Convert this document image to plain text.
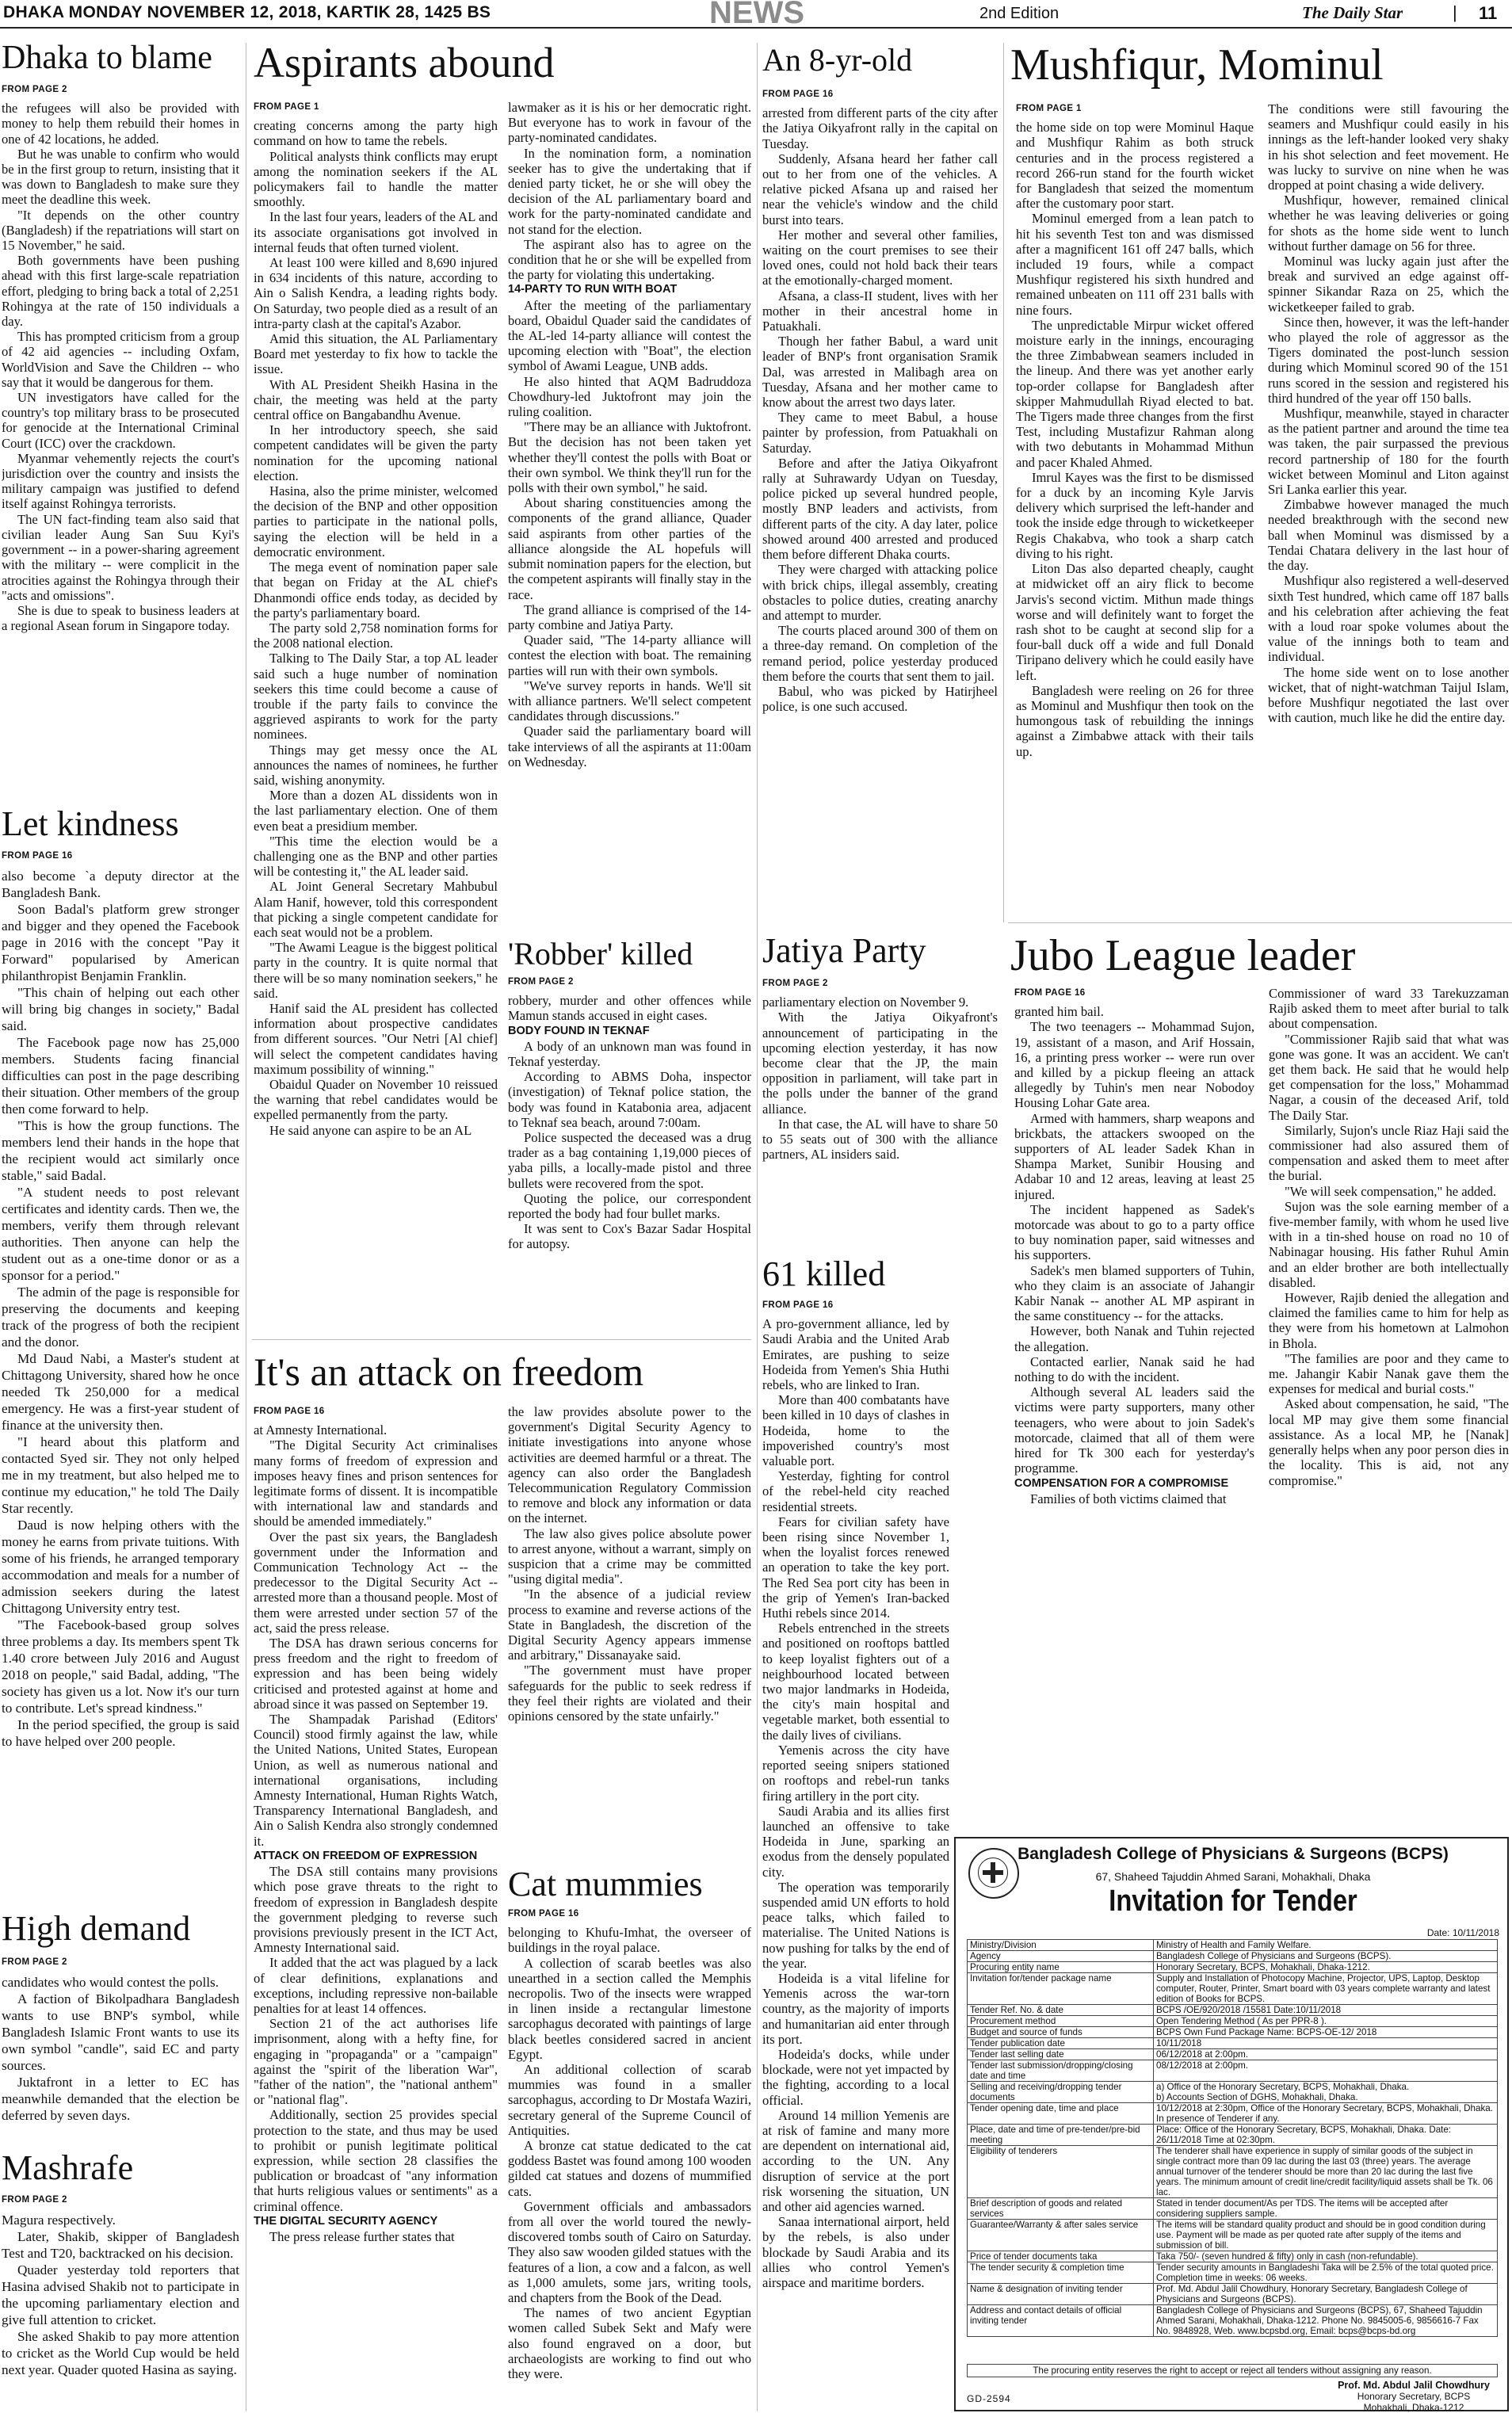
DHAKA MONDAY NOVEMBER 12, 2018, KARTIK 28, 1425 BS	NEWS	2nd Edition	The Daily Star	| 11
Dhaka to blame
FROM PAGE 2

the refugees will also be provided with money to help them rebuild their homes in one of 42 locations, he added.

But he was unable to confirm who would be in the first group to return, insisting that it was down to Bangladesh to make sure they meet the deadline this week.

"It depends on the other country (Bangladesh) if the repatriations will start on 15 November," he said.

Both governments have been pushing ahead with this first large-scale repatriation effort, pledging to bring back a total of 2,251 Rohingya at the rate of 150 individuals a day.

This has prompted criticism from a group of 42 aid agencies -- including Oxfam, WorldVision and Save the Children -- who say that it would be dangerous for them.

UN investigators have called for the country's top military brass to be prosecuted for genocide at the International Criminal Court (ICC) over the crackdown.

Myanmar vehemently rejects the court's jurisdiction over the country and insists the military campaign was justified to defend itself against Rohingya terrorists.

The UN fact-finding team also said that civilian leader Aung San Suu Kyi's government -- in a power-sharing agreement with the military -- were complicit in the atrocities against the Rohingya through their "acts and omissions".

She is due to speak to business leaders at a regional Asean forum in Singapore today.

Let kindness
FROM PAGE 16

also become `a deputy director at the Bangladesh Bank.

Soon Badal's platform grew stronger and bigger and they opened the Facebook page in 2016 with the concept "Pay it Forward" popularised by American philanthropist Benjamin Franklin.

"This chain of helping out each other will bring big changes in society," Badal said.

The Facebook page now has 25,000 members. Students facing financial difficulties can post in the page describing their situation. Other members of the group then come forward to help.

"This is how the group functions. The members lend their hands in the hope that the recipient would act similarly once stable," said Badal.

"A student needs to post relevant certificates and identity cards. Then we, the members, verify them through relevant authorities. Then anyone can help the student out as a one-time donor or as a sponsor for a period."

The admin of the page is responsible for preserving the documents and keeping track of the progress of both the recipient and the donor.

Md Daud Nabi, a Master's student at Chittagong University, shared how he once needed Tk 250,000 for a medical emergency. He was a first-year student of finance at the university then.

"I heard about this platform and contacted Syed sir. They not only helped me in my treatment, but also helped me to continue my education," he told The Daily Star recently.

Daud is now helping others with the money he earns from private tuitions. With some of his friends, he arranged temporary accommodation and meals for a number of admission seekers during the latest Chittagong University entry test.

"The Facebook-based group solves three problems a day. Its members spent Tk 1.40 crore between July 2016 and August 2018 on people," said Badal, adding, "The society has given us a lot. Now it's our turn to contribute. Let's spread kindness."

In the period specified, the group is said to have helped over 200 people.

High demand
FROM PAGE 2

candidates who would contest the polls.

A faction of Bikolpadhara Bangladesh wants to use BNP's symbol, while Bangladesh Islamic Front wants to use its own symbol "candle", said EC and party sources.

Juktafront in a letter to EC has meanwhile demanded that the election be deferred by seven days.

Mashrafe
FROM PAGE 2

Magura respectively.

Later, Shakib, skipper of Bangladesh Test and T20, backtracked on his decision.

Quader yesterday told reporters that Hasina advised Shakib not to participate in the upcoming parliamentary election and give full attention to cricket.

She asked Shakib to pay more attention to cricket as the World Cup would be held next year. Quader quoted Hasina as saying.

Aspirants abound
FROM PAGE 1

creating concerns among the party high command on how to tame the rebels.

Political analysts think conflicts may erupt among the nomination seekers if the AL policymakers fail to handle the matter smoothly.

In the last four years, leaders of the AL and its associate organisations got involved in internal feuds that often turned violent.

At least 100 were killed and 8,690 injured in 634 incidents of this nature, according to Ain o Salish Kendra, a leading rights body. On Saturday, two people died as a result of an intra-party clash at the capital's Azabor.

Amid this situation, the AL Parliamentary Board met yesterday to fix how to tackle the issue.

With AL President Sheikh Hasina in the chair, the meeting was held at the party central office on Bangabandhu Avenue.

In her introductory speech, she said competent candidates will be given the party nomination for the upcoming national election.

Hasina, also the prime minister, welcomed the decision of the BNP and other opposition parties to participate in the national polls, saying the election will be held in a democratic environment.

The mega event of nomination paper sale that began on Friday at the AL chief's Dhanmondi office ends today, as decided by the party's parliamentary board.

The party sold 2,758 nomination forms for the 2008 national election.

Talking to The Daily Star, a top AL leader said such a huge number of nomination seekers this time could become a cause of trouble if the party fails to convince the aggrieved aspirants to work for the party nominees.

Things may get messy once the AL announces the names of nominees, he further said, wishing anonymity.

More than a dozen AL dissidents won in the last parliamentary election. One of them even beat a presidium member.

"This time the election would be a challenging one as the BNP and other parties will be contesting it," the AL leader said.

AL Joint General Secretary Mahbubul Alam Hanif, however, told this correspondent that picking a single competent candidate for each seat would not be a problem.

"The Awami League is the biggest political party in the country. It is quite normal that there will be so many nomination seekers," he said.

Hanif said the AL president has collected information about prospective candidates from different sources. "Our Netri [Al chief] will select the competent candidates having maximum possibility of winning."

Obaidul Quader on November 10 reissued the warning that rebel candidates would be expelled permanently from the party.

He said anyone can aspire to be an AL

lawmaker as it is his or her democratic right. But everyone has to work in favour of the party-nominated candidates.

In the nomination form, a nomination seeker has to give the undertaking that if denied party ticket, he or she will obey the decision of the AL parliamentary board and work for the party-nominated candidate and not stand for the election.

The aspirant also has to agree on the condition that he or she will be expelled from the party for violating this undertaking.

14-PARTY TO RUN WITH BOAT

After the meeting of the parliamentary board, Obaidul Quader said the candidates of the AL-led 14-party alliance will contest the upcoming election with "Boat", the election symbol of Awami League, UNB adds.

He also hinted that AQM Badruddoza Chowdhury-led Juktofront may join the ruling coalition.

"There may be an alliance with Juktofront. But the decision has not been taken yet whether they'll contest the polls with Boat or their own symbol. We think they'll run for the polls with their own symbol," he said.

About sharing constituencies among the components of the grand alliance, Quader said aspirants from other parties of the alliance alongside the AL hopefuls will submit nomination papers for the election, but the competent aspirants will finally stay in the race.

The grand alliance is comprised of the 14-party combine and Jatiya Party.

Quader said, "The 14-party alliance will contest the election with boat. The remaining parties will run with their own symbols.

"We've survey reports in hands. We'll sit with alliance partners. We'll select competent candidates through discussions."

Quader said the parliamentary board will take interviews of all the aspirants at 11:00am on Wednesday.

'Robber' killed
FROM PAGE 2

robbery, murder and other offences while Mamun stands accused in eight cases.

BODY FOUND IN TEKNAF

A body of an unknown man was found in Teknaf yesterday.

According to ABMS Doha, inspector (investigation) of Teknaf police station, the body was found in Katabonia area, adjacent to Teknaf sea beach, around 7:00am.

Police suspected the deceased was a drug trader as a bag containing 1,19,000 pieces of yaba pills, a locally-made pistol and three bullets were recovered from the spot.

Quoting the police, our correspondent reported the body had four bullet marks.

It was sent to Cox's Bazar Sadar Hospital for autopsy.

It's an attack on freedom
FROM PAGE 16

at Amnesty International.

"The Digital Security Act criminalises many forms of freedom of expression and imposes heavy fines and prison sentences for legitimate forms of dissent. It is incompatible with international law and standards and should be amended immediately."

Over the past six years, the Bangladesh government under the Information and Communication Technology Act -- the predecessor to the Digital Security Act -- arrested more than a thousand people. Most of them were arrested under section 57 of the act, said the press release.

The DSA has drawn serious concerns for press freedom and the right to freedom of expression and has been being widely criticised and protested against at home and abroad since it was passed on September 19.

The Shampadak Parishad (Editors' Council) stood firmly against the law, while the United Nations, United States, European Union, as well as numerous national and international organisations, including Amnesty International, Human Rights Watch, Transparency International Bangladesh, and Ain o Salish Kendra also strongly condemned it.

ATTACK ON FREEDOM OF EXPRESSION

The DSA still contains many provisions which pose grave threats to the right to freedom of expression in Bangladesh despite the government pledging to reverse such provisions previously present in the ICT Act, Amnesty International said.

It added that the act was plagued by a lack of clear definitions, explanations and exceptions, including repressive non-bailable penalties for at least 14 offences.

Section 21 of the act authorises life imprisonment, along with a hefty fine, for engaging in "propaganda" or a "campaign" against the "spirit of the liberation War", "father of the nation", the "national anthem" or "national flag".

Additionally, section 25 provides special protection to the state, and thus may be used to prohibit or punish legitimate political expression, while section 28 classifies the publication or broadcast of "any information that hurts religious values or sentiments" as a criminal offence.

THE DIGITAL SECURITY AGENCY

The press release further states that

the law provides absolute power to the government's Digital Security Agency to initiate investigations into anyone whose activities are deemed harmful or a threat. The agency can also order the Bangladesh Telecommunication Regulatory Commission to remove and block any information or data on the internet.

The law also gives police absolute power to arrest anyone, without a warrant, simply on suspicion that a crime may be committed "using digital media".

"In the absence of a judicial review process to examine and reverse actions of the State in Bangladesh, the discretion of the Digital Security Agency appears immense and arbitrary," Dissanayake said.

"The government must have proper safeguards for the public to seek redress if they feel their rights are violated and their opinions censored by the state unfairly."

Cat mummies
FROM PAGE 16

belonging to Khufu-Imhat, the overseer of buildings in the royal palace.

A collection of scarab beetles was also unearthed in a section called the Memphis necropolis. Two of the insects were wrapped in linen inside a rectangular limestone sarcophagus decorated with paintings of large black beetles considered sacred in ancient Egypt.

An additional collection of scarab mummies was found in a smaller sarcophagus, according to Dr Mostafa Waziri, secretary general of the Supreme Council of Antiquities.

A bronze cat statue dedicated to the cat goddess Bastet was found among 100 wooden gilded cat statues and dozens of mummified cats.

Government officials and ambassadors from all over the world toured the newly-discovered tombs south of Cairo on Saturday. They also saw wooden gilded statues with the features of a lion, a cow and a falcon, as well as 1,000 amulets, some jars, writing tools, and chapters from the Book of the Dead.

The names of two ancient Egyptian women called Subek Sekt and Mafy were also found engraved on a door, but archaeologists are working to find out who they were.

An 8-yr-old
FROM PAGE 16

arrested from different parts of the city after the Jatiya Oikyafront rally in the capital on Tuesday.

Suddenly, Afsana heard her father call out to her from one of the vehicles. A relative picked Afsana up and raised her near the vehicle's window and the child burst into tears.

Her mother and several other families, waiting on the court premises to see their loved ones, could not hold back their tears at the emotionally-charged moment.

Afsana, a class-II student, lives with her mother in their ancestral home in Patuakhali.

Though her father Babul, a ward unit leader of BNP's front organisation Sramik Dal, was arrested in Malibagh area on Tuesday, Afsana and her mother came to know about the arrest two days later.

They came to meet Babul, a house painter by profession, from Patuakhali on Saturday.

Before and after the Jatiya Oikyafront rally at Suhrawardy Udyan on Tuesday, police picked up several hundred people, mostly BNP leaders and activists, from different parts of the city. A day later, police showed around 400 arrested and produced them before different Dhaka courts.

They were charged with attacking police with brick chips, illegal assembly, creating obstacles to police duties, creating anarchy and attempt to murder.

The courts placed around 300 of them on a three-day remand. On completion of the remand period, police yesterday produced them before the courts that sent them to jail.

Babul, who was picked by Hatirjheel police, is one such accused.

Jatiya Party
FROM PAGE 2

parliamentary election on November 9.

With the Jatiya Oikyafront's announcement of participating in the upcoming election yesterday, it has now become clear that the JP, the main opposition in parliament, will take part in the polls under the banner of the grand alliance.

In that case, the AL will have to share 50 to 55 seats out of 300 with the alliance partners, AL insiders said.

61 killed
FROM PAGE 16

A pro-government alliance, led by Saudi Arabia and the United Arab Emirates, are pushing to seize Hodeida from Yemen's Shia Huthi rebels, who are linked to Iran.

More than 400 combatants have been killed in 10 days of clashes in Hodeida, home to the impoverished country's most valuable port.

Yesterday, fighting for control of the rebel-held city reached residential streets.

Fears for civilian safety have been rising since November 1, when the loyalist forces renewed an operation to take the key port. The Red Sea port city has been in the grip of Yemen's Iran-backed Huthi rebels since 2014.

Rebels entrenched in the streets and positioned on rooftops battled to keep loyalist fighters out of a neighbourhood located between two major landmarks in Hodeida, the city's main hospital and vegetable market, both essential to the daily lives of civilians.

Yemenis across the city have reported seeing snipers stationed on rooftops and rebel-run tanks firing artillery in the port city.

Saudi Arabia and its allies first launched an offensive to take Hodeida in June, sparking an exodus from the densely populated city.

The operation was temporarily suspended amid UN efforts to hold peace talks, which failed to materialise. The United Nations is now pushing for talks by the end of the year.

Hodeida is a vital lifeline for Yemenis across the war-torn country, as the majority of imports and humanitarian aid enter through its port.

Hodeida's docks, while under blockade, were not yet impacted by the fighting, according to a local official.

Around 14 million Yemenis are at risk of famine and many more are dependent on international aid, according to the UN. Any disruption of service at the port risk worsening the situation, UN and other aid agencies warned.

Sanaa international airport, held by the rebels, is also under blockade by Saudi Arabia and its allies who control Yemen's airspace and maritime borders.

Mushfiqur, Mominul
FROM PAGE 1

the home side on top were Mominul Haque and Mushfiqur Rahim as both struck centuries and in the process registered a record 266-run stand for the fourth wicket for Bangladesh that seized the momentum after the customary poor start.

Mominul emerged from a lean patch to hit his seventh Test ton and was dismissed after a magnificent 161 off 247 balls, which included 19 fours, while a compact Mushfiqur registered his sixth hundred and remained unbeaten on 111 off 231 balls with nine fours.

The unpredictable Mirpur wicket offered moisture early in the innings, encouraging the three Zimbabwean seamers included in the lineup. And there was yet another early top-order collapse for Bangladesh after skipper Mahmudullah Riyad elected to bat. The Tigers made three changes from the first Test, including Mustafizur Rahman along with two debutants in Mohammad Mithun and pacer Khaled Ahmed.

Imrul Kayes was the first to be dismissed for a duck by an incoming Kyle Jarvis delivery which surprised the left-hander and took the inside edge through to wicketkeeper Regis Chakabva, who took a sharp catch diving to his right.

Liton Das also departed cheaply, caught at midwicket off an airy flick to become Jarvis's second victim. Mithun made things worse and will definitely want to forget the rash shot to be caught at second slip for a four-ball duck off a wide and full Donald Tiripano delivery which he could easily have left.

Bangladesh were reeling on 26 for three as Mominul and Mushfiqur then took on the humongous task of rebuilding the innings against a Zimbabwe attack with their tails up.

The conditions were still favouring the seamers and Mushfiqur could easily in his innings as the left-hander looked very shaky in his shot selection and feet movement. He was lucky to survive on nine when he was dropped at point chasing a wide delivery.

Mushfiqur, however, remained clinical whether he was leaving deliveries or going for shots as the home side went to lunch without further damage on 56 for three.

Mominul was lucky again just after the break and survived an edge against off-spinner Sikandar Raza on 25, which the wicketkeeper failed to grab.

Since then, however, it was the left-hander who played the role of aggressor as the Tigers dominated the post-lunch session during which Mominul scored 90 of the 151 runs scored in the session and registered his third hundred of the year off 150 balls.

Mushfiqur, meanwhile, stayed in character as the patient partner and around the time tea was taken, the pair surpassed the previous record partnership of 180 for the fourth wicket between Mominul and Liton against Sri Lanka earlier this year.

Zimbabwe however managed the much needed breakthrough with the second new ball when Mominul was dismissed by a Tendai Chatara delivery in the last hour of the day.

Mushfiqur also registered a well-deserved sixth Test hundred, which came off 187 balls and his celebration after achieving the feat with a loud roar spoke volumes about the value of the innings both to team and individual.

The home side went on to lose another wicket, that of night-watchman Taijul Islam, before Mushfiqur negotiated the last over with caution, much like he did the entire day.

Jubo League leader
FROM PAGE 16

granted him bail.

The two teenagers -- Mohammad Sujon, 19, assistant of a mason, and Arif Hossain, 16, a printing press worker -- were run over and killed by a pickup fleeing an attack allegedly by Tuhin's men near Nobodoy Housing Lohar Gate area.

Armed with hammers, sharp weapons and brickbats, the attackers swooped on the supporters of AL leader Sadek Khan in Shampa Market, Sunibir Housing and Adabar 10 and 12 areas, leaving at least 25 injured.

The incident happened as Sadek's motorcade was about to go to a party office to buy nomination paper, said witnesses and his supporters.

Sadek's men blamed supporters of Tuhin, who they claim is an associate of Jahangir Kabir Nanak -- another AL MP aspirant in the same constituency -- for the attacks.

However, both Nanak and Tuhin rejected the allegation.

Contacted earlier, Nanak said he had nothing to do with the incident.

Although several AL leaders said the victims were party supporters, many other teenagers, who were about to join Sadek's motorcade, claimed that all of them were hired for Tk 300 each for yesterday's programme.

COMPENSATION FOR A COMPROMISE

Families of both victims claimed that

Commissioner of ward 33 Tarekuzzaman Rajib asked them to meet after burial to talk about compensation.

"Commissioner Rajib said that what was gone was gone. It was an accident. We can't get them back. He said that he would help get compensation for the loss," Mohammad Nagar, a cousin of the deceased Arif, told The Daily Star.

Similarly, Sujon's uncle Riaz Haji said the commissioner had also assured them of compensation and asked them to meet after the burial.

"We will seek compensation," he added.

Sujon was the sole earning member of a five-member family, with whom he used live with in a tin-shed house on road no 10 of Nabinagar housing. His father Ruhul Amin and an elder brother are both intellectually disabled.

However, Rajib denied the allegation and claimed the families came to him for help as they were from his hometown at Lalmohon in Bhola.

"The families are poor and they came to me. Jahangir Kabir Nanak gave them the expenses for medical and burial costs."

Asked about compensation, he said, "The local MP may give them some financial assistance. As a local MP, he [Nanak] generally helps when any poor person dies in the locality. This is aid, not any compromise."

Bangladesh College of Physicians & Surgeons (BCPS)
67, Shaheed Tajuddin Ahmed Sarani, Mohakhali, Dhaka
Invitation for Tender
Date: 10/11/2018
Ministry/Division	Ministry of Health and Family Welfare.
Agency	Bangladesh College of Physicians and Surgeons (BCPS).
Procuring entity name	Honorary Secretary, BCPS, Mohakhali, Dhaka-1212.
Invitation for/tender package name	Supply and Installation of Photocopy Machine, Projector, UPS, Laptop, Desktop computer, Router, Printer, Smart board with 03 years complete warranty and latest edition of Books for BCPS.
Tender Ref. No. & date	BCPS /OE/920/2018 /15581 Date:10/11/2018
Procurement method	Open Tendering Method ( As per PPR-8 ).
Budget and source of funds	BCPS Own Fund Package Name: BCPS-OE-12/ 2018
Tender publication date	10/11/2018
Tender last selling date	06/12/2018 at 2:00pm.
Tender last submission/dropping/closing date and time	08/12/2018 at 2:00pm.
Selling and receiving/dropping tender documents	a) Office of the Honorary Secretary, BCPS, Mohakhali, Dhaka.
b) Accounts Section of DGHS, Mohakhali, Dhaka.
Tender opening date, time and place	10/12/2018 at 2:30pm, Office of the Honorary Secretary, BCPS, Mohakhali, Dhaka. In presence of Tenderer if any.
Place, date and time of pre-tender/pre-bid meeting	Place: Office of the Honorary Secretary, BCPS, Mohakhali, Dhaka. Date: 26/11/2018 Time at 02:30pm.
Eligibility of tenderers	The tenderer shall have experience in supply of similar goods of the subject in single contract more than 09 lac during the last 03 (three) years. The average annual turnover of the tenderer should be more than 20 lac during the last five years. The minimum amount of credit line/credit facility/liquid assets shall be Tk. 06 lac.
Brief description of goods and related services	Stated in tender document/As per TDS. The items will be accepted after considering suppliers sample.
Guarantee/Warranty & after sales service	The items will be standard quality product and should be in good condition during use. Payment will be made as per quoted rate after supply of the items and submission of bill.
Price of tender documents taka	Taka 750/- (seven hundred & fifty) only in cash (non-refundable).
The tender security & completion time	Tender security amounts in Bangladeshi Taka will be 2.5% of the total quoted price. Completion time in weeks: 06 weeks.
Name & designation of inviting tender	Prof. Md. Abdul Jalil Chowdhury, Honorary Secretary, Bangladesh College of Physicians and Surgeons (BCPS).
Address and contact details of official inviting tender	Bangladesh College of Physicians and Surgeons (BCPS), 67, Shaheed Tajuddin Ahmed Sarani, Mohakhali, Dhaka-1212. Phone No. 9845005-6, 9856616-7 Fax No. 9848928, Web. www.bcpsbd.org, Email: bcps@bcps-bd.org
The procuring entity reserves the right to accept or reject all tenders without assigning any reason.
Prof. Md. Abdul Jalil Chowdhury
Honorary Secretary, BCPS
Mohakhali, Dhaka-1212
GD-2594
